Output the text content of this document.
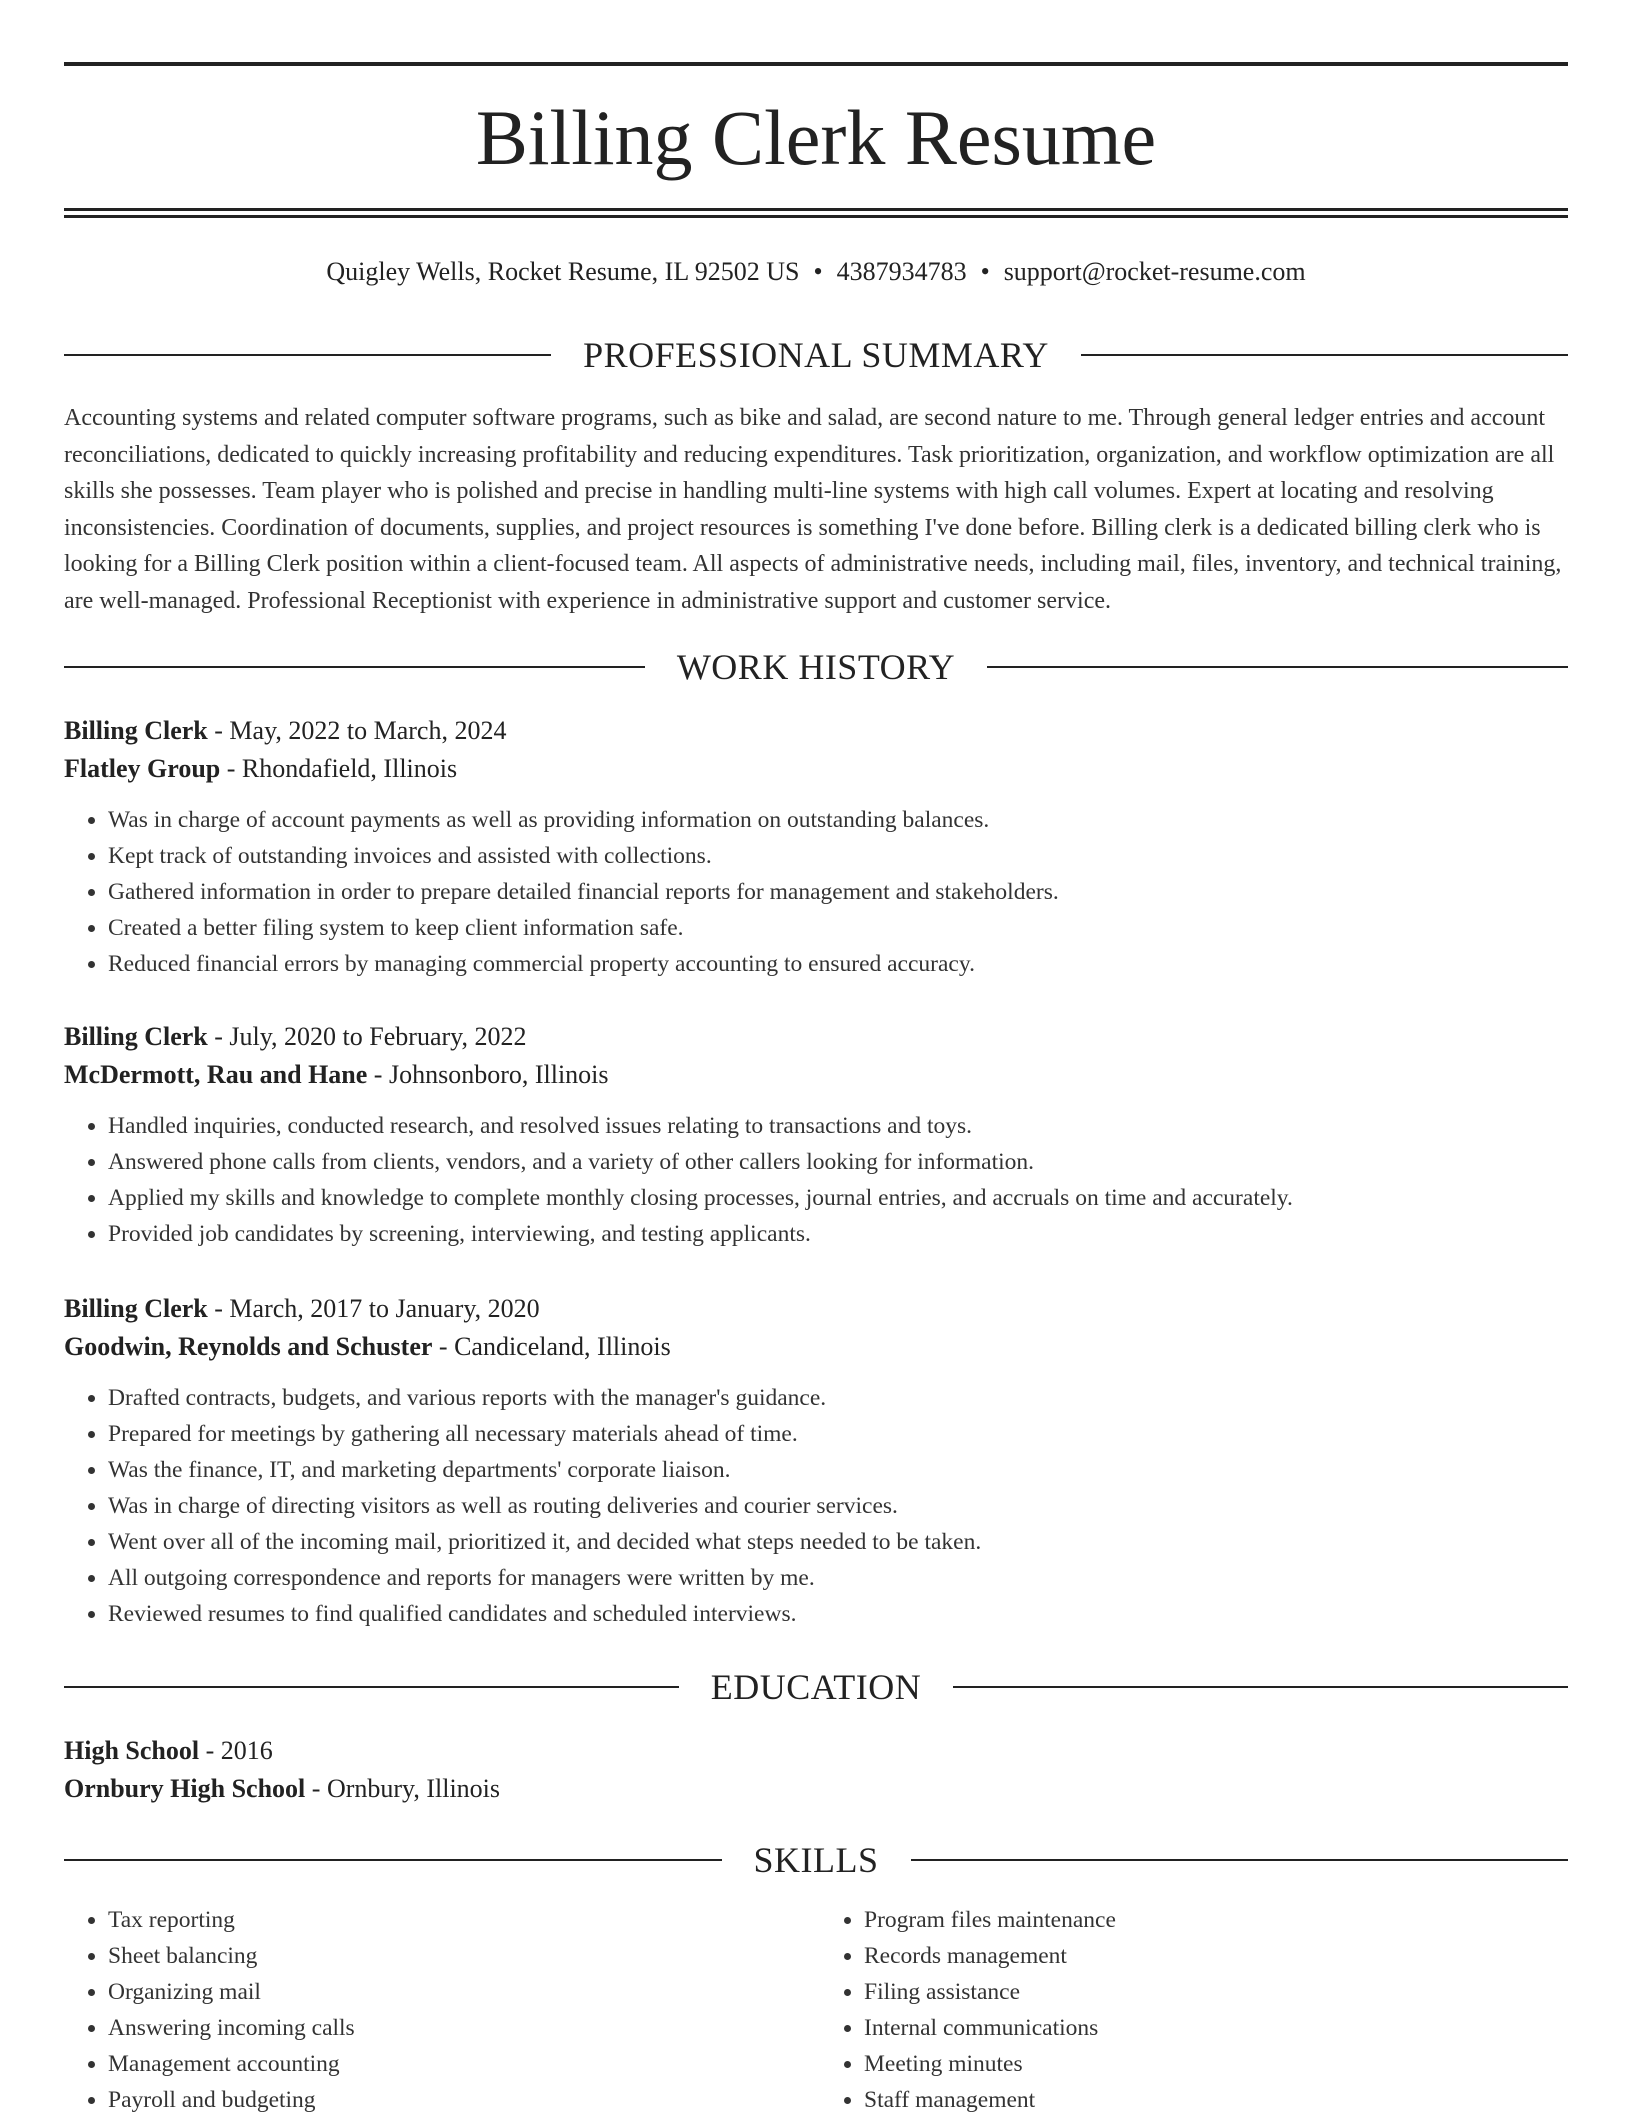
Billing Clerk Resume
Quigley Wells, Rocket Resume, IL 92502 US • 4387934783 • support@rocket-resume.com
PROFESSIONAL SUMMARY

Accounting systems and related computer software programs, such as bike and salad, are second nature to me. Through general ledger entries and account reconciliations, dedicated to quickly increasing profitability and reducing expenditures. Task prioritization, organization, and workflow optimization are all skills she possesses. Team player who is polished and precise in handling multi-line systems with high call volumes. Expert at locating and resolving inconsistencies. Coordination of documents, supplies, and project resources is something I've done before. Billing clerk is a dedicated billing clerk who is looking for a Billing Clerk position within a client-focused team. All aspects of administrative needs, including mail, files, inventory, and technical training, are well-managed. Professional Receptionist with experience in administrative support and customer service.

WORK HISTORY
Billing Clerk - May, 2022 to March, 2024
Flatley Group - Rhondafield, Illinois
• Was in charge of account payments as well as providing information on outstanding balances.
• Kept track of outstanding invoices and assisted with collections.
• Gathered information in order to prepare detailed financial reports for management and stakeholders.
• Created a better filing system to keep client information safe.
• Reduced financial errors by managing commercial property accounting to ensured accuracy.
Billing Clerk - July, 2020 to February, 2022
McDermott, Rau and Hane - Johnsonboro, Illinois
• Handled inquiries, conducted research, and resolved issues relating to transactions and toys.
• Answered phone calls from clients, vendors, and a variety of other callers looking for information.
• Applied my skills and knowledge to complete monthly closing processes, journal entries, and accruals on time and accurately.
• Provided job candidates by screening, interviewing, and testing applicants.
Billing Clerk - March, 2017 to January, 2020
Goodwin, Reynolds and Schuster - Candiceland, Illinois
• Drafted contracts, budgets, and various reports with the manager's guidance.
• Prepared for meetings by gathering all necessary materials ahead of time.
• Was the finance, IT, and marketing departments' corporate liaison.
• Was in charge of directing visitors as well as routing deliveries and courier services.
• Went over all of the incoming mail, prioritized it, and decided what steps needed to be taken.
• All outgoing correspondence and reports for managers were written by me.
• Reviewed resumes to find qualified candidates and scheduled interviews.
EDUCATION
High School - 2016
Ornbury High School - Ornbury, Illinois
SKILLS
• Tax reporting
• Sheet balancing
• Organizing mail
• Answering incoming calls
• Management accounting
• Payroll and budgeting
• Program files maintenance
• Records management
• Filing assistance
• Internal communications
• Meeting minutes
• Staff management
